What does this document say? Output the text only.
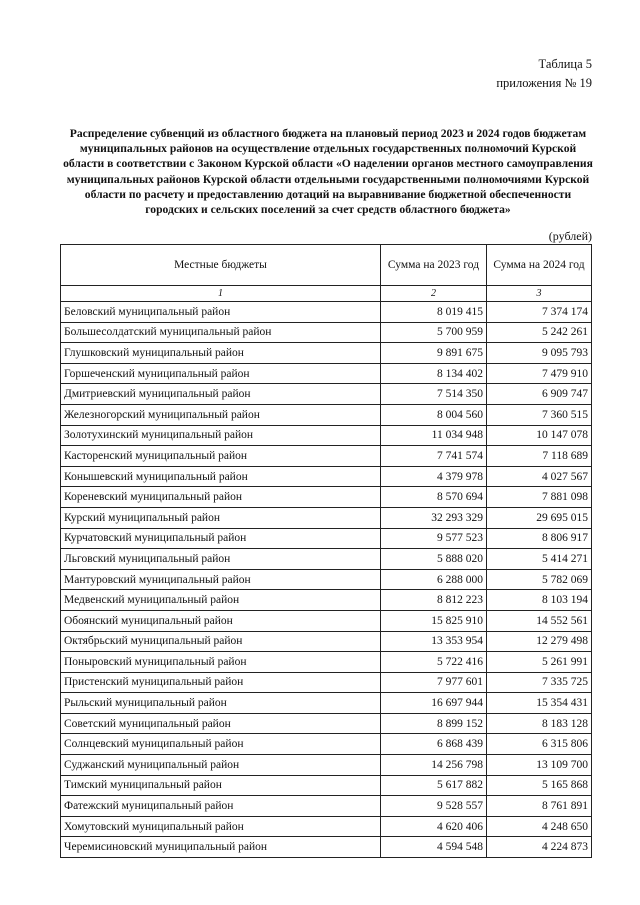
Таблица 5
приложения № 19
Распределение субвенций из областного бюджета на плановый период 2023 и 2024 годов бюджетам муниципальных районов на осуществление отдельных государственных полномочий Курской области в соответствии с Законом Курской области «О наделении органов местного самоуправления муниципальных районов Курской области отдельными государственными полномочиями Курской области по расчету и предоставлению дотаций на выравнивание бюджетной обеспеченности городских и сельских поселений за счет средств областного бюджета»
(рублей)
Местные бюджеты	Сумма на 2023 год	Сумма на 2024 год
1	2	3
Беловский муниципальный район	8 019 415	7 374 174
Большесолдатский муниципальный район	5 700 959	5 242 261
Глушковский муниципальный район	9 891 675	9 095 793
Горшеченский муниципальный район	8 134 402	7 479 910
Дмитриевский муниципальный район	7 514 350	6 909 747
Железногорский муниципальный район	8 004 560	7 360 515
Золотухинский муниципальный район	11 034 948	10 147 078
Касторенский муниципальный район	7 741 574	7 118 689
Конышевский муниципальный район	4 379 978	4 027 567
Кореневский муниципальный район	8 570 694	7 881 098
Курский муниципальный район	32 293 329	29 695 015
Курчатовский муниципальный район	9 577 523	8 806 917
Льговский муниципальный район	5 888 020	5 414 271
Мантуровский муниципальный район	6 288 000	5 782 069
Медвенский муниципальный район	8 812 223	8 103 194
Обоянский муниципальный район	15 825 910	14 552 561
Октябрьский муниципальный район	13 353 954	12 279 498
Поныровский муниципальный район	5 722 416	5 261 991
Пристенский муниципальный район	7 977 601	7 335 725
Рыльский муниципальный район	16 697 944	15 354 431
Советский муниципальный район	8 899 152	8 183 128
Солнцевский муниципальный район	6 868 439	6 315 806
Суджанский муниципальный район	14 256 798	13 109 700
Тимский муниципальный район	5 617 882	5 165 868
Фатежский муниципальный район	9 528 557	8 761 891
Хомутовский муниципальный район	4 620 406	4 248 650
Черемисиновский муниципальный район	4 594 548	4 224 873
